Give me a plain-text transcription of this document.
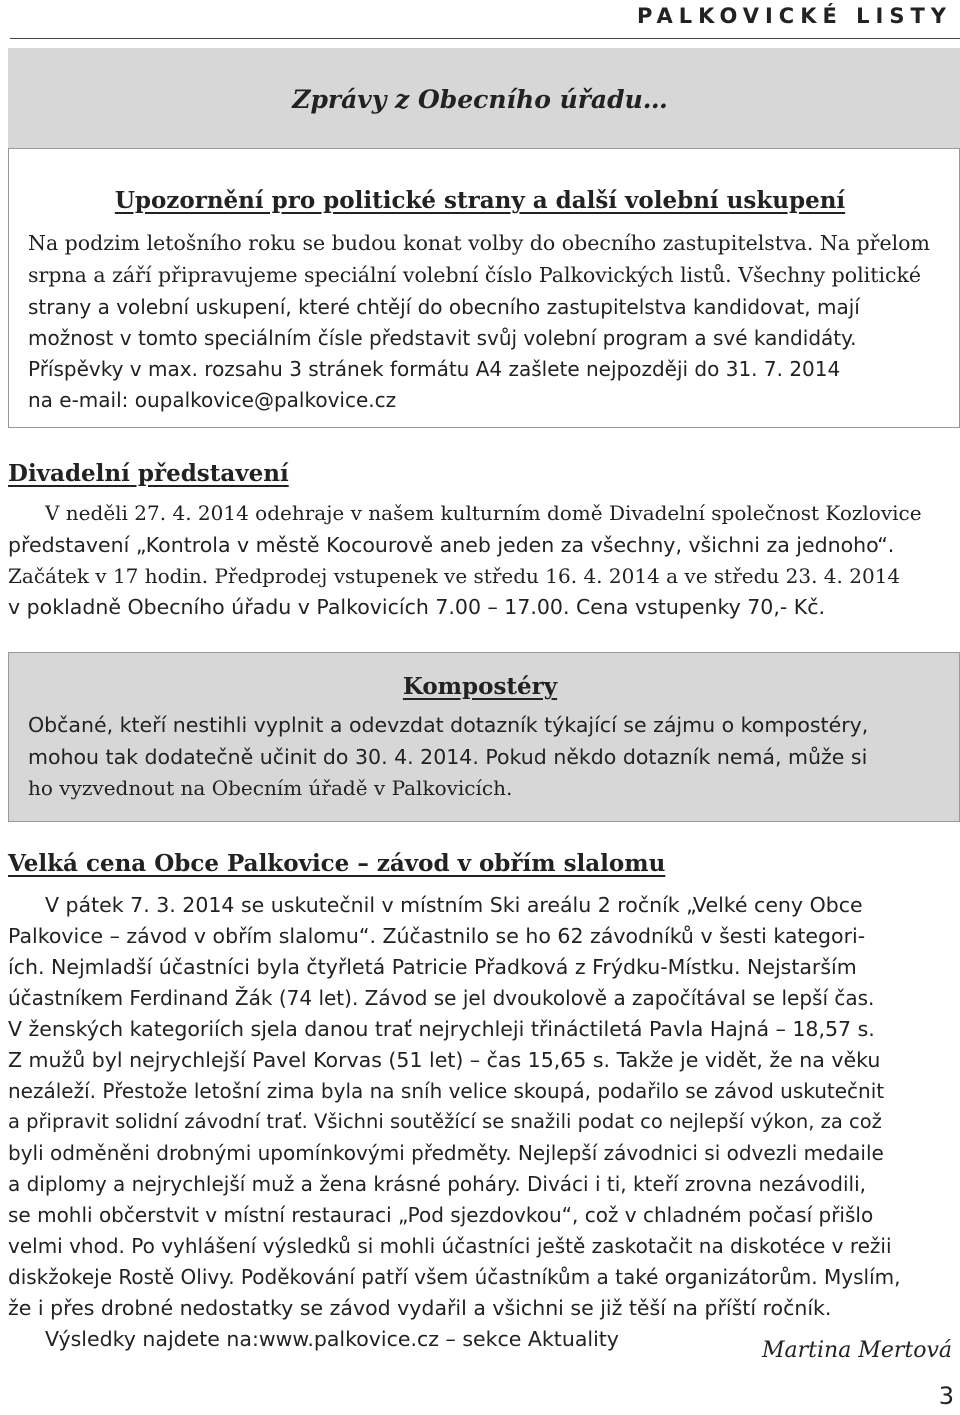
PALKOVICKÉ LISTY
Zprávy z Obecního úřadu…
Upozornění pro politické strany a další volební uskupení
Na podzim letošního roku se budou konat volby do obecního zastupitelstva. Na přelom
srpna a září připravujeme speciální volební číslo Palkovických listů. Všechny politické
strany a volební uskupení, které chtějí do obecního zastupitelstva kandidovat, mají
možnost v tomto speciálním čísle představit svůj volební program a své kandidáty.
Příspěvky v max. rozsahu 3 stránek formátu A4 zašlete nejpozději do 31. 7. 2014
na e-mail: oupalkovice@palkovice.cz
Divadelní představení
V neděli 27. 4. 2014 odehraje v našem kulturním domě Divadelní společnost Kozlovice
představení „Kontrola v městě Kocourově aneb jeden za všechny, všichni za jednoho“.
Začátek v 17 hodin. Předprodej vstupenek ve středu 16. 4. 2014 a ve středu 23. 4. 2014
v pokladně Obecního úřadu v Palkovicích 7.00 – 17.00. Cena vstupenky 70,- Kč.
Kompostéry
Občané, kteří nestihli vyplnit a odevzdat dotazník týkající se zájmu o kompostéry,
mohou tak dodatečně učinit do 30. 4. 2014. Pokud někdo dotazník nemá, může si
ho vyzvednout na Obecním úřadě v Palkovicích.
Velká cena Obce Palkovice – závod v obřím slalomu
V pátek 7. 3. 2014 se uskutečnil v místním Ski areálu 2 ročník „Velké ceny Obce
Palkovice – závod v obřím slalomu“. Zúčastnilo se ho 62 závodníků v šesti kategori-
ích. Nejmladší účastníci byla čtyřletá Patricie Přadková z Frýdku-Místku. Nejstarším
účastníkem Ferdinand Žák (74 let). Závod se jel dvoukolově a započítával se lepší čas.
V ženských kategoriích sjela danou trať nejrychleji třináctiletá Pavla Hajná – 18,57 s.
Z mužů byl nejrychlejší Pavel Korvas (51 let) – čas 15,65 s. Takže je vidět, že na věku
nezáleží. Přestože letošní zima byla na sníh velice skoupá, podařilo se závod uskutečnit
a připravit solidní závodní trať. Všichni soutěžící se snažili podat co nejlepší výkon, za což
byli odměněni drobnými upomínkovými předměty. Nejlepší závodnici si odvezli medaile
a diplomy a nejrychlejší muž a žena krásné poháry. Diváci i ti, kteří zrovna nezávodili,
se mohli občerstvit v místní restauraci „Pod sjezdovkou“, což v chladném počasí přišlo
velmi vhod. Po vyhlášení výsledků si mohli účastníci ještě zaskotačit na diskotéce v režii
diskžokeje Rostě Olivy. Poděkování patří všem účastníkům a také organizátorům. Myslím,
že i přes drobné nedostatky se závod vydařil a všichni se již těší na příští ročník.
Výsledky najdete na:www.palkovice.cz – sekce Aktuality	Martina Mertová
3
